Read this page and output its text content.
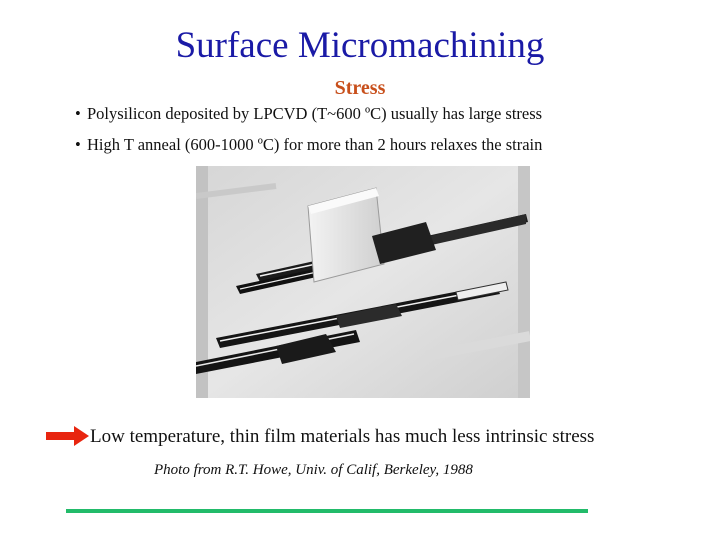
Surface Micromachining
Stress
• Polysilicon deposited by LPCVD (T~600 ºC) usually has large stress
• High T anneal (600-1000 ºC) for more than 2 hours relaxes the strain
Low temperature, thin film materials has much less intrinsic stress
Photo from R.T. Howe, Univ. of Calif, Berkeley, 1988
